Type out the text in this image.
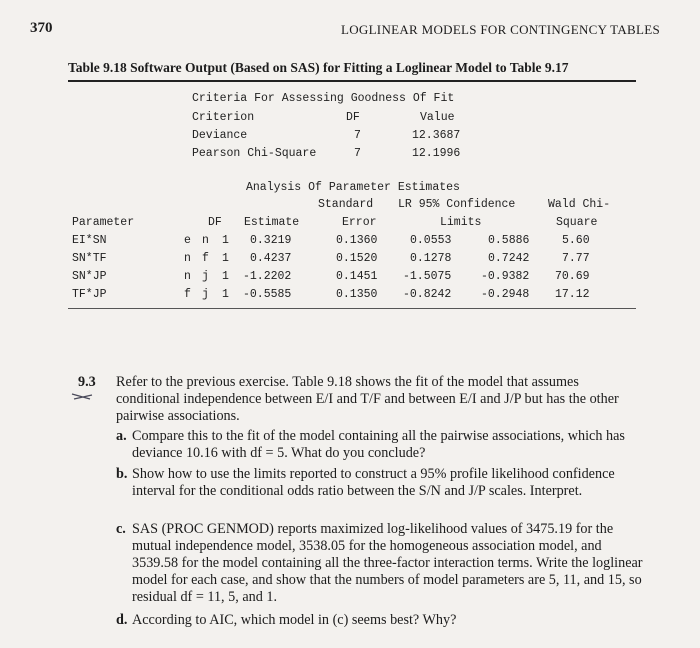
370	LOGLINEAR MODELS FOR CONTINGENCY TABLES
Table 9.18 Software Output (Based on SAS) for Fitting a Loglinear Model to Table 9.17
Criteria For Assessing Goodness Of Fit
Criterion	DF	Value
Deviance	7	12.3687
Pearson Chi-Square	7	12.1996
Analysis Of Parameter Estimates
Standard LR 95% Confidence	Wald Chi-
Parameter	DF Estimate	Error	Limits	Square
EI*SN	e n 1 0.3219	0.1360	0.0553	0.5886	5.60
SN*TF	n f 1 0.4237	0.1520	0.1278	0.7242	7.77
SN*JP	n j 1 -1.2202	0.1451 -1.5075	-0.9382 70.69
TF*JP	f j 1 -0.5585	0.1350 -0.8242	-0.2948 17.12
9.3 Refer to the previous exercise. Table 9.18 shows the fit of the model that assumes conditional independence between E/I and T/F and between E/I and J/P but has the other pairwise associations.
a. Compare this to the fit of the model containing all the pairwise associations, which has deviance 10.16 with df = 5. What do you conclude?
b. Show how to use the limits reported to construct a 95% profile likelihood confidence interval for the conditional odds ratio between the S/N and J/P scales. Interpret.
c. SAS (PROC GENMOD) reports maximized log-likelihood values of 3475.19 for the mutual independence model, 3538.05 for the homogeneous association model, and 3539.58 for the model containing all the three-factor interaction terms. Write the loglinear model for each case, and show that the numbers of model parameters are 5, 11, and 15, so residual df = 11, 5, and 1.
d. According to AIC, which model in (c) seems best? Why?
